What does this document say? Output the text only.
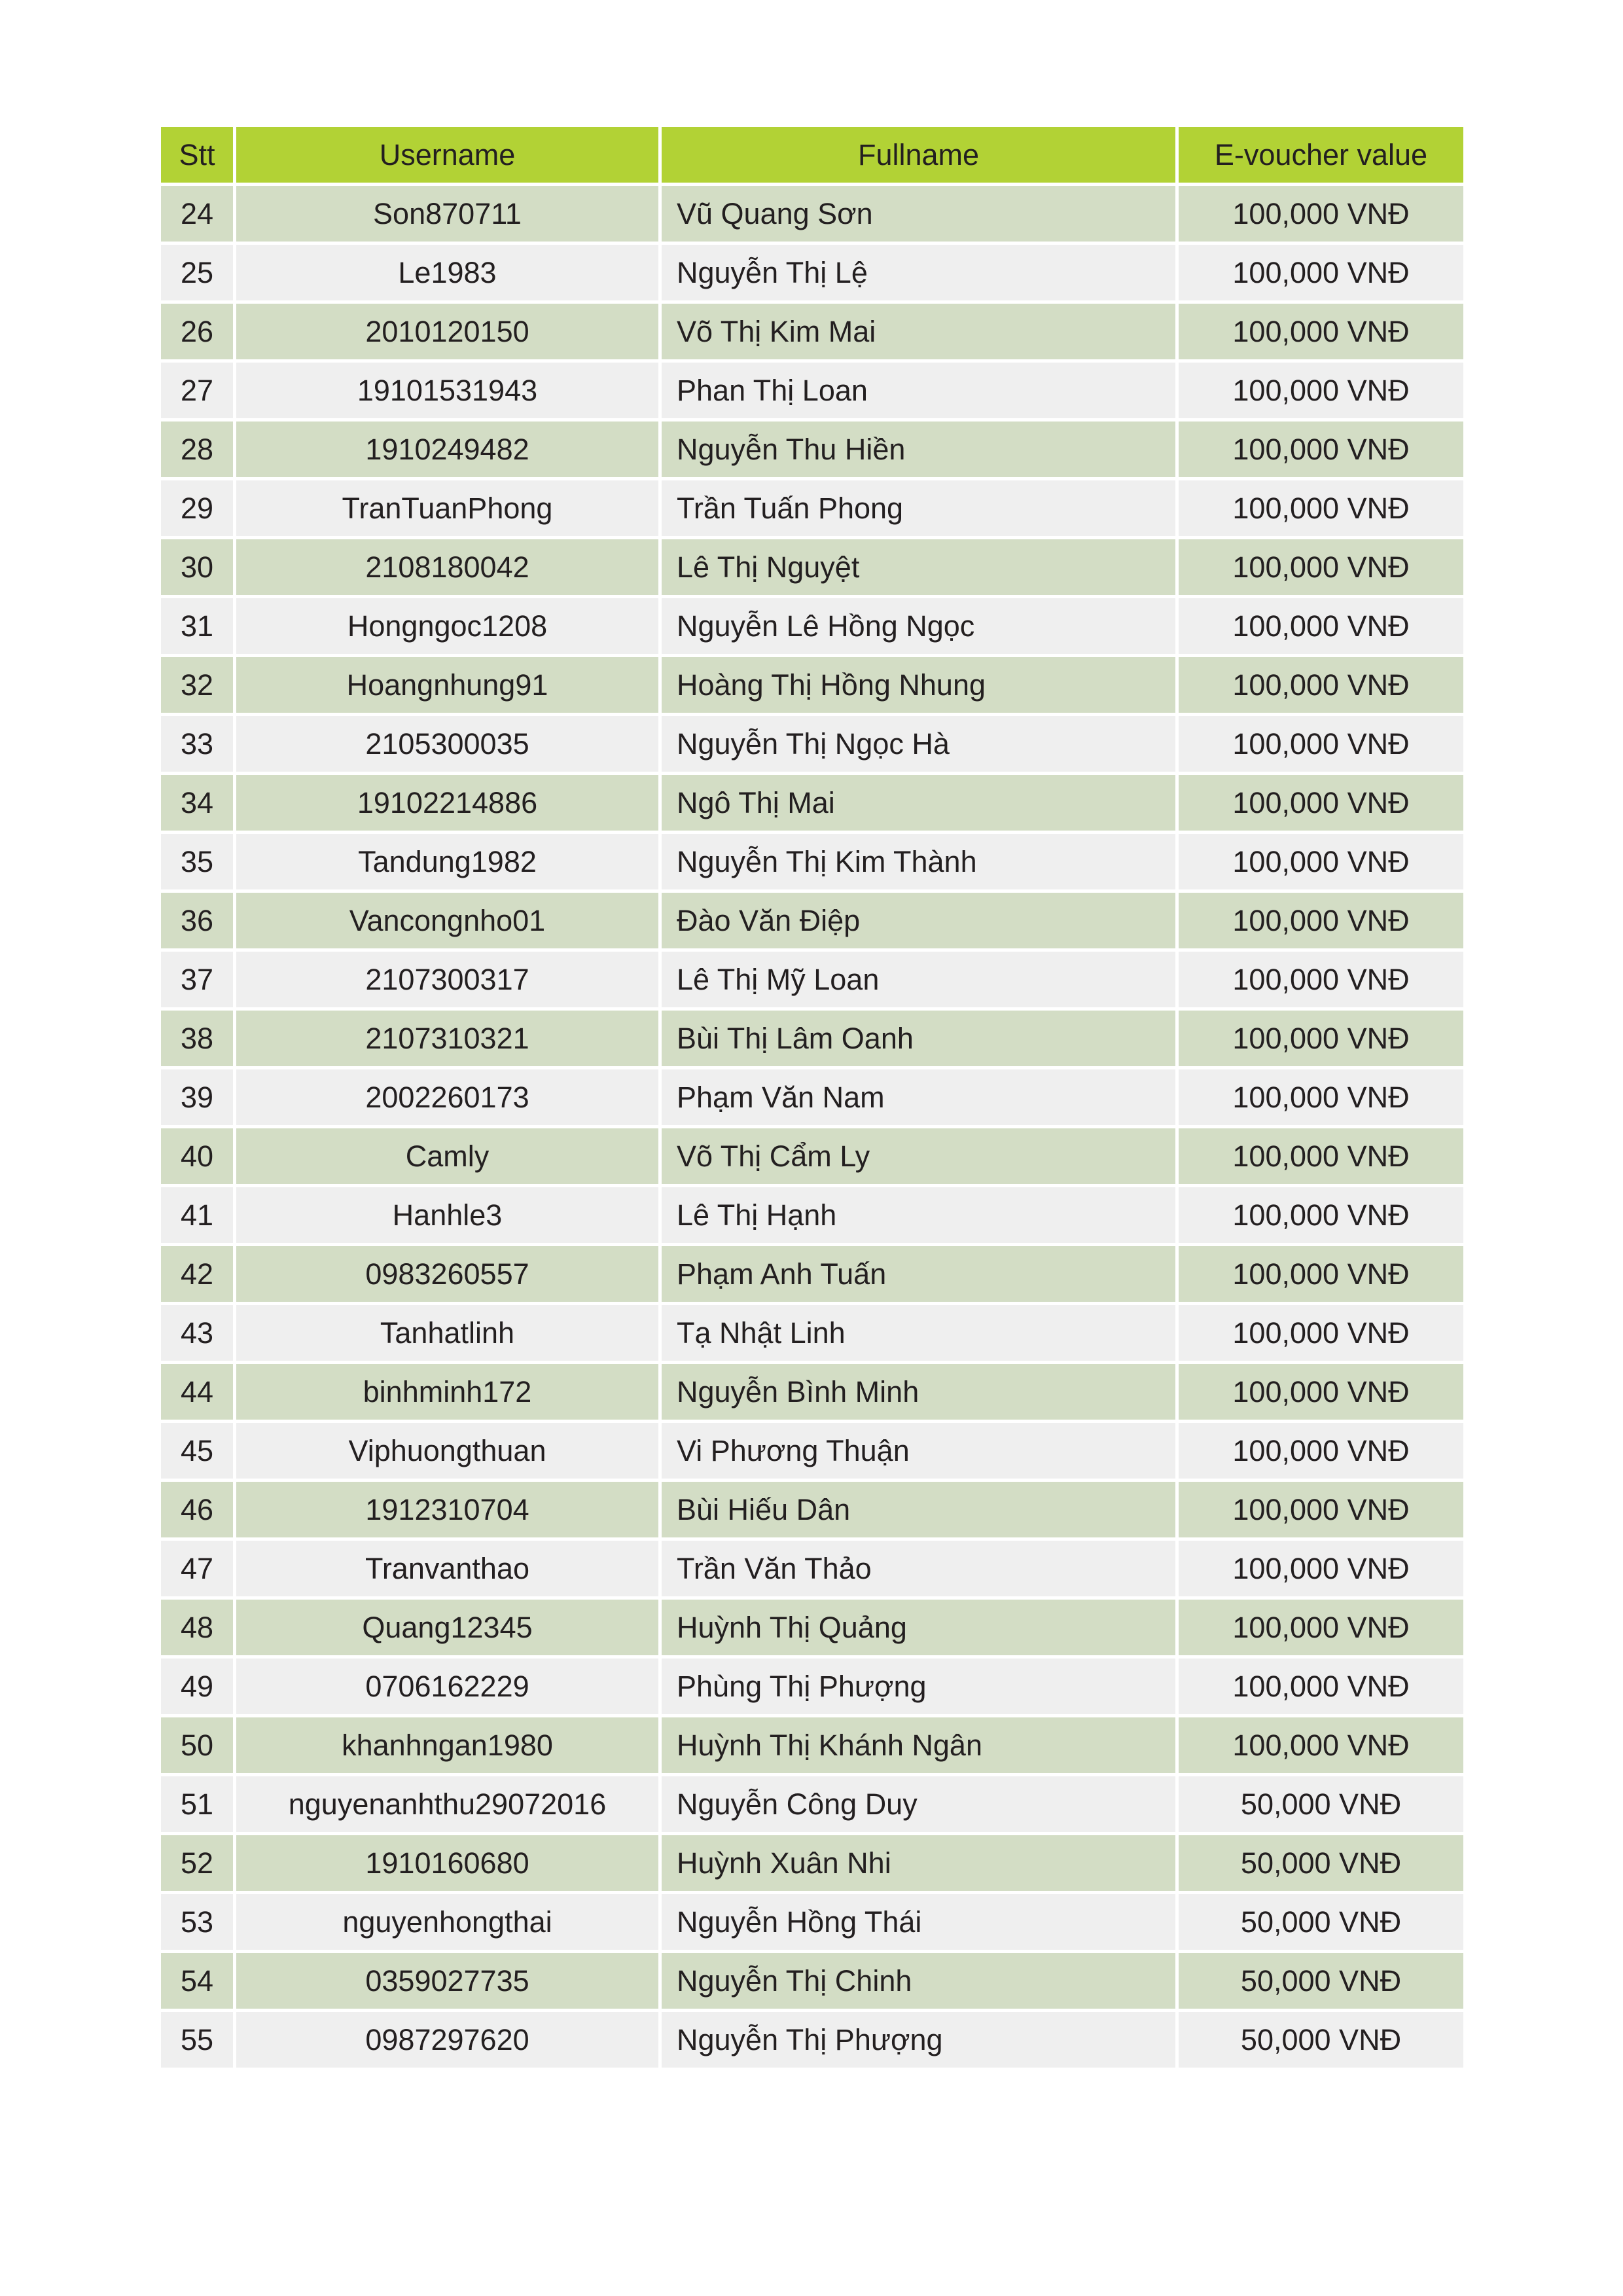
Stt	Username	Fullname	E-voucher value
24	Son870711	Vũ Quang Sơn	100,000 VNĐ
25	Le1983	Nguyễn Thị Lệ	100,000 VNĐ
26	2010120150	Võ Thị Kim Mai	100,000 VNĐ
27	19101531943	Phan Thị Loan	100,000 VNĐ
28	1910249482	Nguyễn Thu Hiền	100,000 VNĐ
29	TranTuanPhong	Trần Tuấn Phong	100,000 VNĐ
30	2108180042	Lê Thị Nguyệt	100,000 VNĐ
31	Hongngoc1208	Nguyễn Lê Hồng Ngọc	100,000 VNĐ
32	Hoangnhung91	Hoàng Thị Hồng Nhung	100,000 VNĐ
33	2105300035	Nguyễn Thị Ngọc Hà	100,000 VNĐ
34	19102214886	Ngô Thị Mai	100,000 VNĐ
35	Tandung1982	Nguyễn Thị Kim Thành	100,000 VNĐ
36	Vancongnho01	Đào Văn Điệp	100,000 VNĐ
37	2107300317	Lê Thị Mỹ Loan	100,000 VNĐ
38	2107310321	Bùi Thị Lâm Oanh	100,000 VNĐ
39	2002260173	Phạm Văn Nam	100,000 VNĐ
40	Camly	Võ Thị Cẩm Ly	100,000 VNĐ
41	Hanhle3	Lê Thị Hạnh	100,000 VNĐ
42	0983260557	Phạm Anh Tuấn	100,000 VNĐ
43	Tanhatlinh	Tạ Nhật Linh	100,000 VNĐ
44	binhminh172	Nguyễn Bình Minh	100,000 VNĐ
45	Viphuongthuan	Vi Phương Thuận	100,000 VNĐ
46	1912310704	Bùi Hiếu Dân	100,000 VNĐ
47	Tranvanthao	Trần Văn Thảo	100,000 VNĐ
48	Quang12345	Huỳnh Thị Quảng	100,000 VNĐ
49	0706162229	Phùng Thị Phượng	100,000 VNĐ
50	khanhngan1980	Huỳnh Thị Khánh Ngân	100,000 VNĐ
51	nguyenanhthu29072016	Nguyễn Công Duy	50,000 VNĐ
52	1910160680	Huỳnh Xuân Nhi	50,000 VNĐ
53	nguyenhongthai	Nguyễn Hồng Thái	50,000 VNĐ
54	0359027735	Nguyễn Thị Chinh	50,000 VNĐ
55	0987297620	Nguyễn Thị Phượng	50,000 VNĐ
